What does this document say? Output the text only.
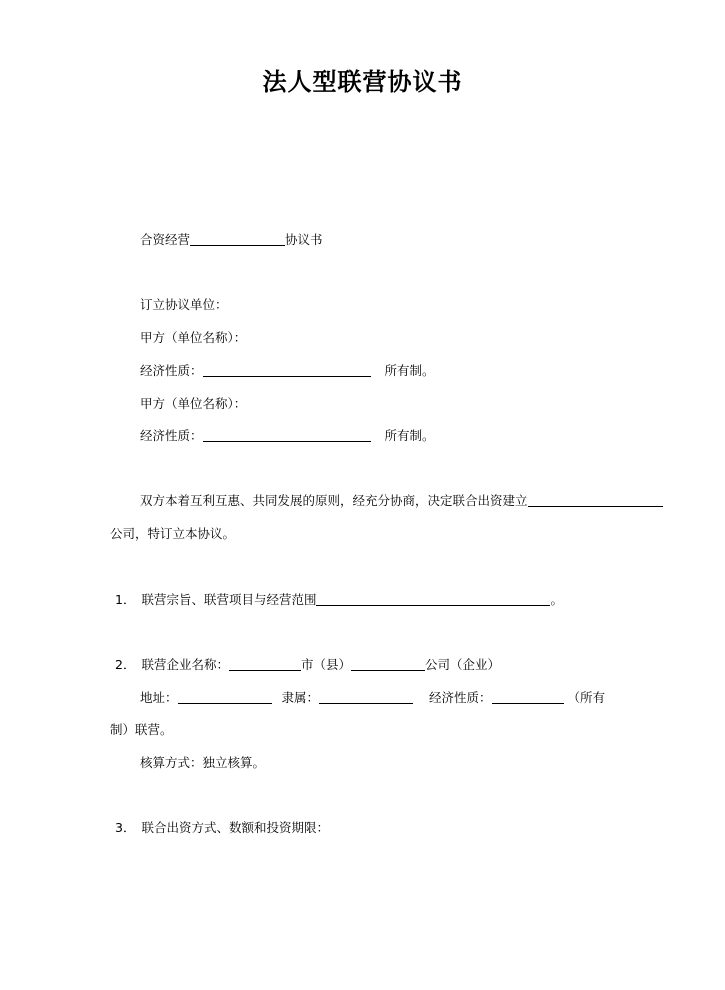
法人型联营协议书
合资经营	协议书
订立协议单位：
甲方（单位名称）：
经济性质：	所有制。
甲方（单位名称）：
经济性质：	所有制。
双方本着互利互惠、共同发展的原则，经充分协商，决定联合出资建立
公司，特订立本协议。
1． 联营宗旨、联营项目与经营范围	。
2． 联营企业名称：	市（县）	公司（企业）
地址：	隶属：	经济性质：	（所有
制）联营。
核算方式：独立核算。
3． 联合出资方式、数额和投资期限：
